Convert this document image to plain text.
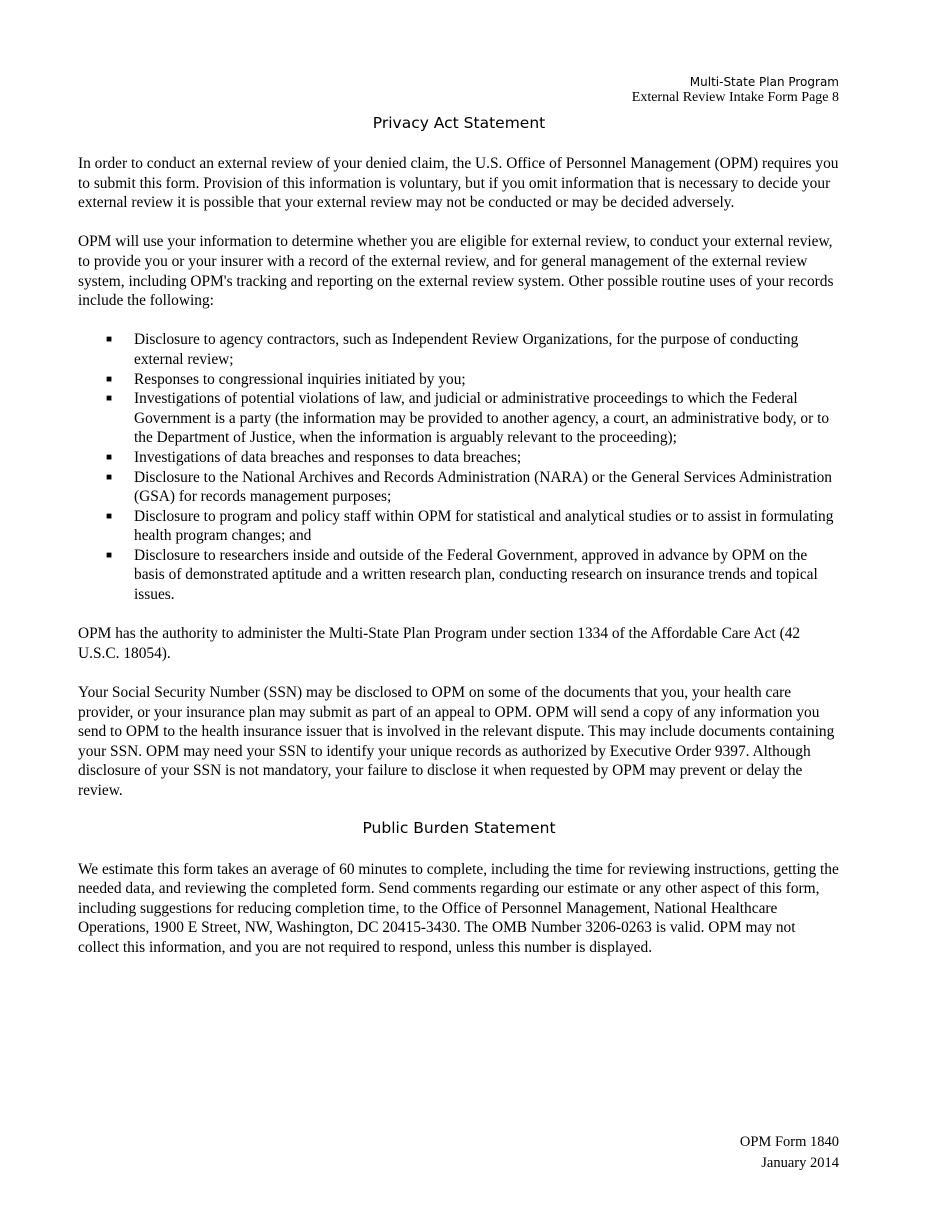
Multi-State Plan Program
External Review Intake Form Page 8
Privacy Act Statement

In order to conduct an external review of your denied claim, the U.S. Office of Personnel Management (OPM) requires you to submit this form. Provision of this information is voluntary, but if you omit information that is necessary to decide your external review it is possible that your external review may not be conducted or may be decided adversely.

OPM will use your information to determine whether you are eligible for external review, to conduct your external review, to provide you or your insurer with a record of the external review, and for general management of the external review system, including OPM's tracking and reporting on the external review system. Other possible routine uses of your records include the following:

■ Disclosure to agency contractors, such as Independent Review Organizations, for the purpose of conducting external review;
■ Responses to congressional inquiries initiated by you;
■ Investigations of potential violations of law, and judicial or administrative proceedings to which the Federal Government is a party (the information may be provided to another agency, a court, an administrative body, or to the Department of Justice, when the information is arguably relevant to the proceeding);
■ Investigations of data breaches and responses to data breaches;
■ Disclosure to the National Archives and Records Administration (NARA) or the General Services Administration (GSA) for records management purposes;
■ Disclosure to program and policy staff within OPM for statistical and analytical studies or to assist in formulating health program changes; and
■ Disclosure to researchers inside and outside of the Federal Government, approved in advance by OPM on the basis of demonstrated aptitude and a written research plan, conducting research on insurance trends and topical issues.

OPM has the authority to administer the Multi-State Plan Program under section 1334 of the Affordable Care Act (42 U.S.C. 18054).

Your Social Security Number (SSN) may be disclosed to OPM on some of the documents that you, your health care provider, or your insurance plan may submit as part of an appeal to OPM. OPM will send a copy of any information you send to OPM to the health insurance issuer that is involved in the relevant dispute. This may include documents containing your SSN. OPM may need your SSN to identify your unique records as authorized by Executive Order 9397. Although disclosure of your SSN is not mandatory, your failure to disclose it when requested by OPM may prevent or delay the review.

Public Burden Statement

We estimate this form takes an average of 60 minutes to complete, including the time for reviewing instructions, getting the needed data, and reviewing the completed form. Send comments regarding our estimate or any other aspect of this form, including suggestions for reducing completion time, to the Office of Personnel Management, National Healthcare Operations, 1900 E Street, NW, Washington, DC 20415-3430. The OMB Number 3206-0263 is valid. OPM may not collect this information, and you are not required to respond, unless this number is displayed.

OPM Form 1840
January 2014
